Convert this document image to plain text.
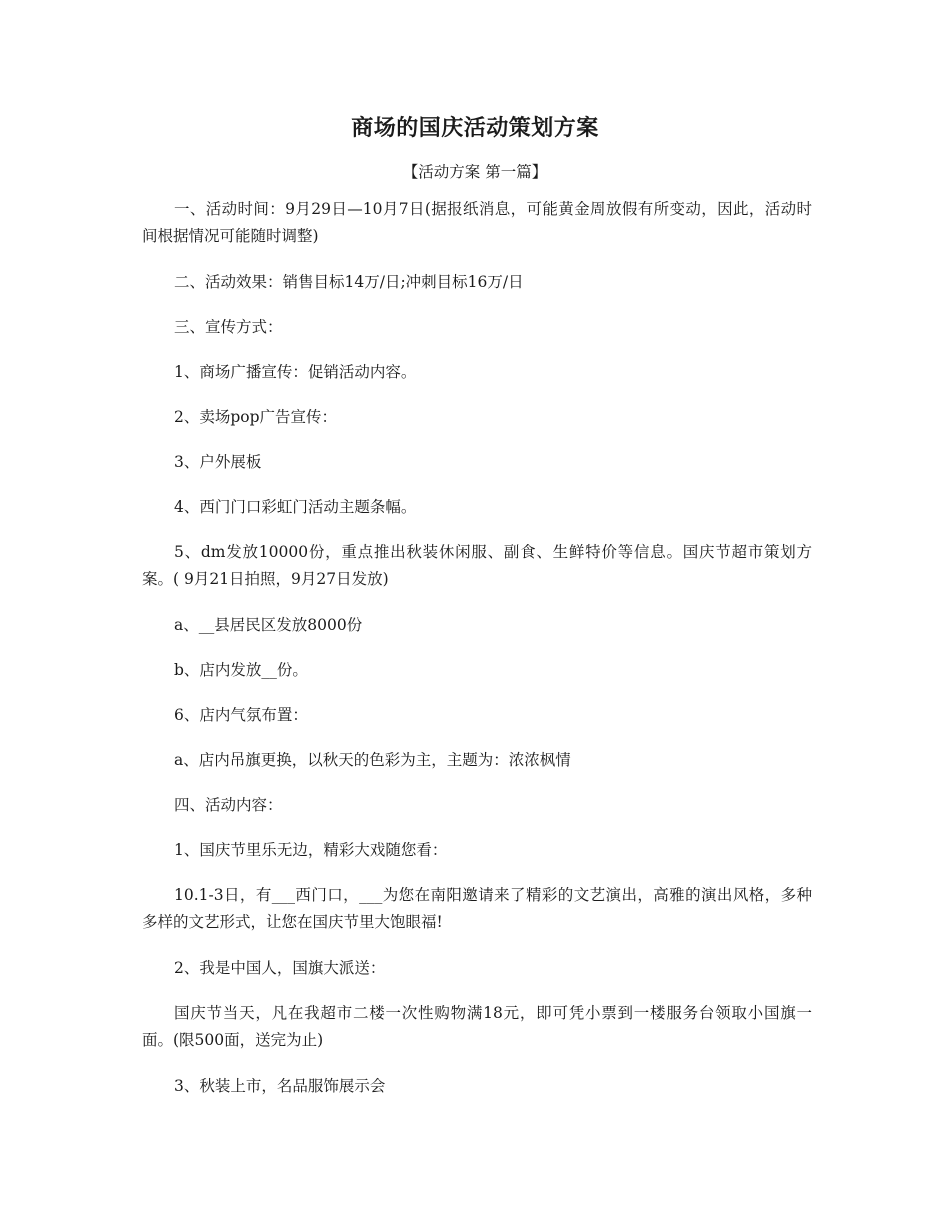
商场的国庆活动策划方案
【活动方案 第一篇】
一、活动时间：9月29日—10月7日(据报纸消息，可能黄金周放假有所变动，因此，活动时间根据情况可能随时调整)
二、活动效果：销售目标14万/日;冲刺目标16万/日
三、宣传方式：
1、商场广播宣传：促销活动内容。
2、卖场pop广告宣传：
3、户外展板
4、西门门口彩虹门活动主题条幅。
5、dm发放10000份，重点推出秋装休闲服、副食、生鲜特价等信息。国庆节超市策划方案。( 9月21日拍照，9月27日发放)
a、__县居民区发放8000份
b、店内发放__份。
6、店内气氛布置：
a、店内吊旗更换，以秋天的色彩为主，主题为：浓浓枫情
四、活动内容：
1、国庆节里乐无边，精彩大戏随您看：
10.1-3日，有___西门口，___为您在南阳邀请来了精彩的文艺演出，高雅的演出风格，多种多样的文艺形式，让您在国庆节里大饱眼福!
2、我是中国人，国旗大派送：
国庆节当天，凡在我超市二楼一次性购物满18元，即可凭小票到一楼服务台领取小国旗一面。(限500面，送完为止)
3、秋装上市，名品服饰展示会
